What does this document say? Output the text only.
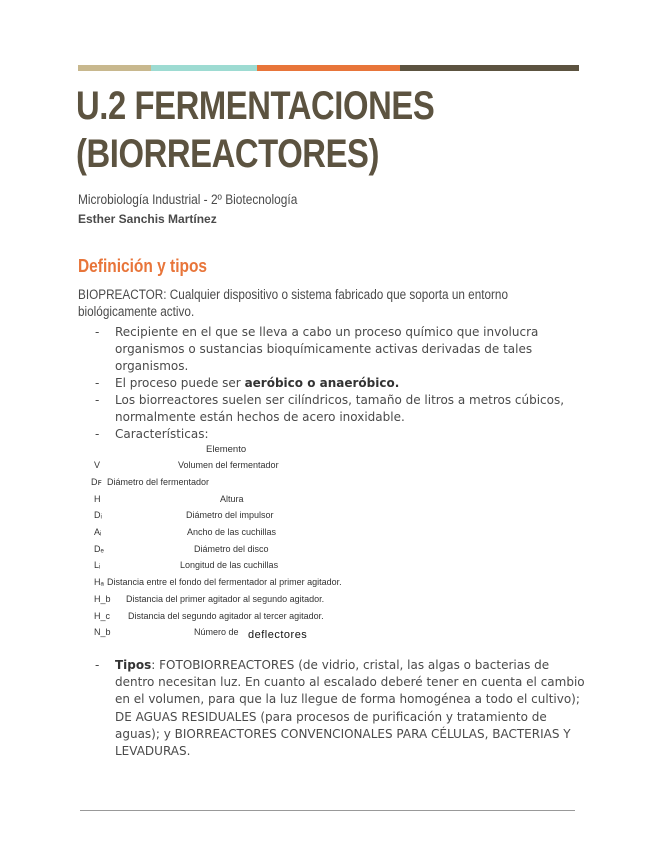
U.2 FERMENTACIONES
(BIORREACTORES)
Microbiología Industrial - 2º Biotecnología
Esther Sanchis Martínez
Definición y tipos
BIOPREACTOR: Cualquier dispositivo o sistema fabricado que soporta un entorno biológicamente activo.
- Recipiente en el que se lleva a cabo un proceso químico que involucra organismos o sustancias bioquímicamente activas derivadas de tales organismos.
- El proceso puede ser aeróbico o anaeróbico.
- Los biorreactores suelen ser cilíndricos, tamaño de litros a metros cúbicos, normalmente están hechos de acero inoxidable.
- Características:
Elemento
V	Volumen del fermentador
Dꜰ Diámetro del fermentador
H	Altura
Dᵢ	Diámetro del impulsor
Aᵢ	Ancho de las cuchillas
Dₑ	Diámetro del disco
Lᵢ	Longitud de las cuchillas
Hₐ Distancia entre el fondo del fermentador al primer agitador.
H_b Distancia del primer agitador al segundo agitador.
H_c Distancia del segundo agitador al tercer agitador.
N_b	Número de deflectores
- Tipos: FOTOBIORREACTORES (de vidrio, cristal, las algas o bacterias de dentro necesitan luz. En cuanto al escalado deberé tener en cuenta el cambio en el volumen, para que la luz llegue de forma homogénea a todo el cultivo); DE AGUAS RESIDUALES (para procesos de purificación y tratamiento de aguas); y BIORREACTORES CONVENCIONALES PARA CÉLULAS, BACTERIAS Y LEVADURAS.
